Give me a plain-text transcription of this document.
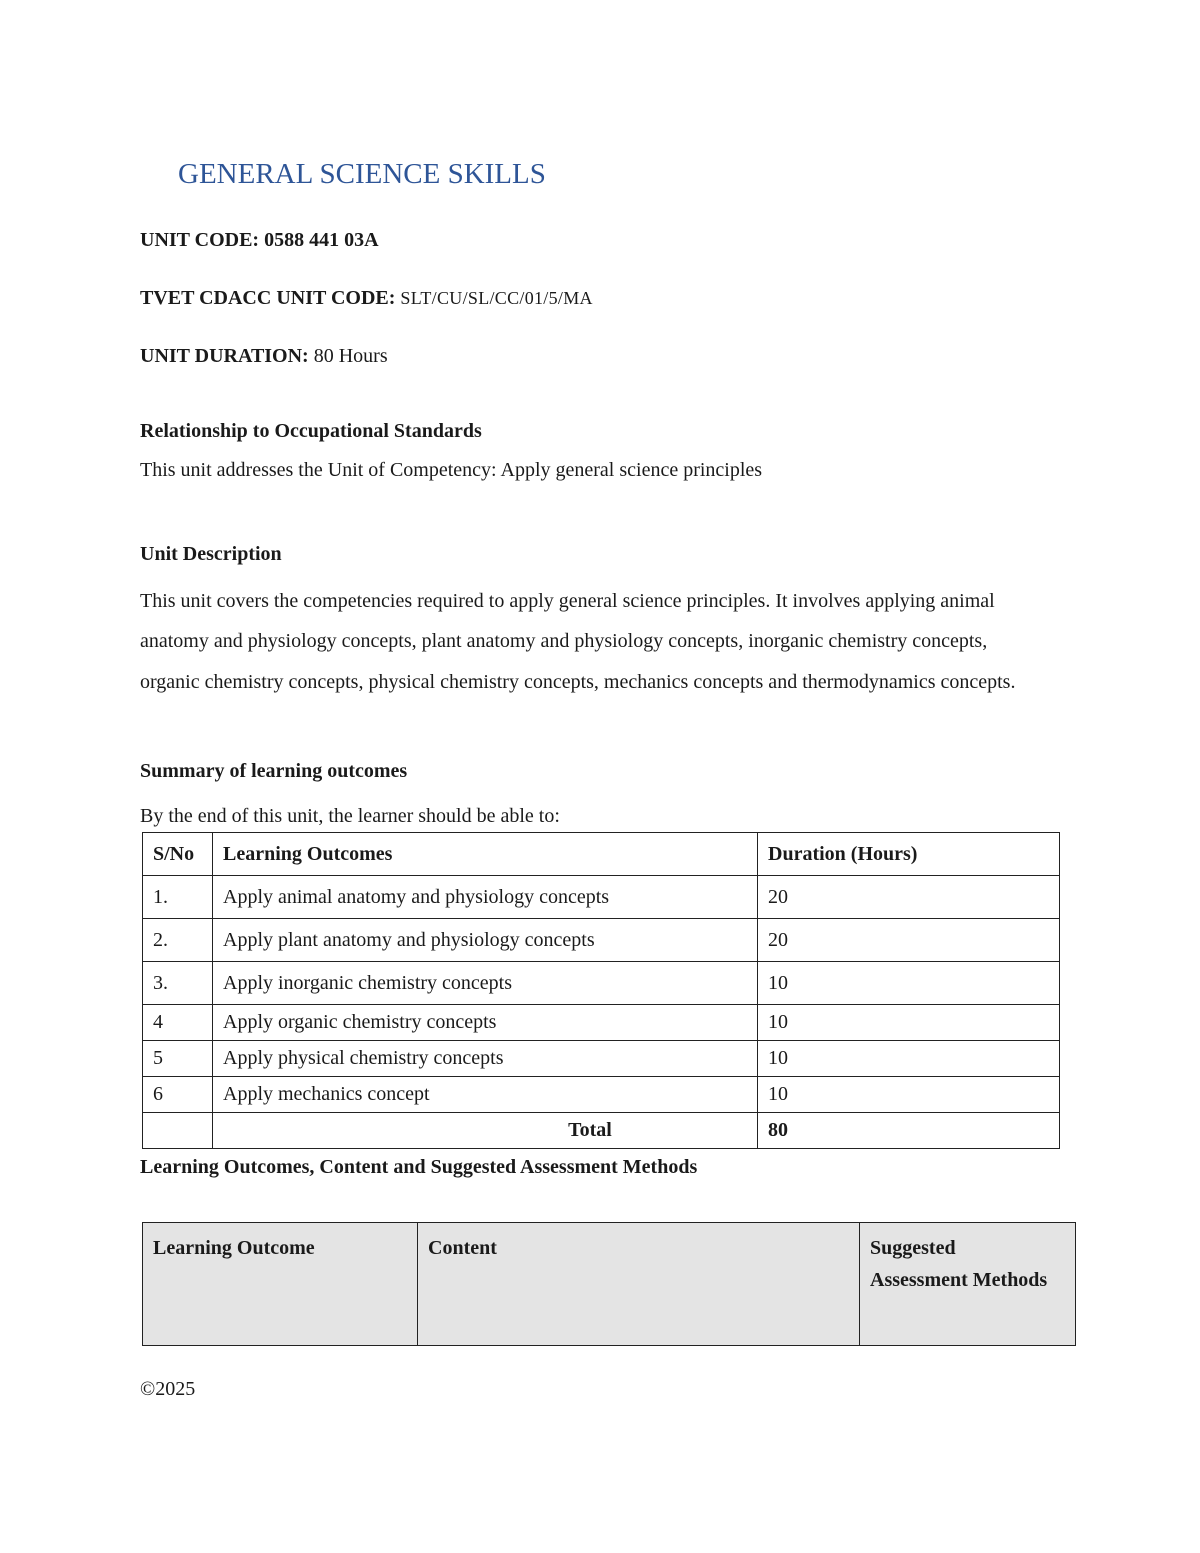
GENERAL SCIENCE SKILLS
UNIT CODE: 0588 441 03A
TVET CDACC UNIT CODE: SLT/CU/SL/CC/01/5/MA
UNIT DURATION: 80 Hours
Relationship to Occupational Standards
This unit addresses the Unit of Competency: Apply general science principles
Unit Description
This unit covers the competencies required to apply general science principles. It involves applying animal anatomy and physiology concepts, plant anatomy and physiology concepts, inorganic chemistry concepts, organic chemistry concepts, physical chemistry concepts, mechanics concepts and thermodynamics concepts.
Summary of learning outcomes
By the end of this unit, the learner should be able to:
S/No	Learning Outcomes	Duration (Hours)
1.	Apply animal anatomy and physiology concepts	20
2.	Apply plant anatomy and physiology concepts	20
3.	Apply inorganic chemistry concepts	10
4	Apply organic chemistry concepts	10
5	Apply physical chemistry concepts	10
6	Apply mechanics concept	10
	Total	80
Learning Outcomes, Content and Suggested Assessment Methods
Learning Outcome	Content	Suggested
Assessment Methods
©2025
